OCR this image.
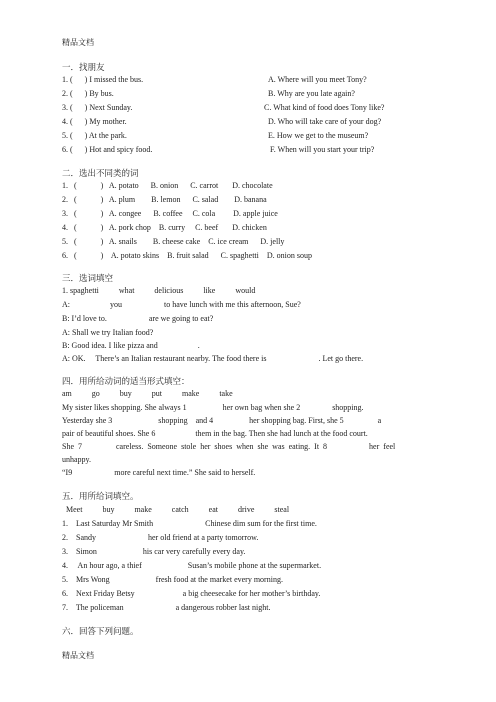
精品文档
一．找朋友
1. (      ) I missed the bus.
2. (      ) By bus.
3. (      ) Next Sunday.
4. (      ) My mother.
5. (      ) At the park.
6. (      ) Hot and spicy food.
A. Where will you meet Tony?
B. Why are you late again?
C. What kind of food does Tony like?
D. Who will take care of your dog?
E. How we get to the museum?
F. When will you start your trip?
二．选出不同类的词
1.   (            )   A. potato      B. onion      C. carrot       D. chocolate
2.   (            )   A. plum        B. lemon      C. salad        D. banana
3.   (            )   A. congee      B. coffee     C. cola         D. apple juice
4.   (            )   A. pork chop    B. curry     C. beef       D. chicken
5.   (            )   A. snails        B. cheese cake    C. ice cream      D. jelly
6.   (            )    A. potato skins    B. fruit salad      C. spaghetti    D. onion soup
三．选词填空
1. spaghetti          what          delicious          like          would
A:                    you                     to have lunch with me this afternoon, Sue?
B: I’d love to.                     are we going to eat?
A: Shall we try Italian food?
B: Good idea. I like pizza and                    .
A: OK.     There’s an Italian restaurant nearby. The food there is                          . Let go there.
四．用所给动词的适当形式填空：
am          go          buy          put          make          take
My sister likes shopping. She always 1                  her own bag when she 2                shopping.
Yesterday she 3                       shopping    and 4                  her shopping bag. First, she 5                 a
pair of beautiful shoes. She 6                    them in the bag. Then she had lunch at the food court.
She  7                 careless.  Someone  stole  her  shoes  when  she  was  eating.  It  8                     her  feel
unhappy.
“I9                     more careful next time.” She said to herself.
五．用所给词填空。
Meet          buy          make          catch          eat          drive          steal
1.    Last Saturday Mr Smith                          Chinese dim sum for the first time.
2.    Sandy                          her old friend at a party tomorrow.
3.    Simon                       his car very carefully every day.
4.     An hour ago, a thief                       Susan’s mobile phone at the supermarket.
5.    Mrs Wong                       fresh food at the market every morning.
6.    Next Friday Betsy                        a big cheesecake for her mother’s birthday.
7.    The policeman                          a dangerous robber last night.
六．回答下列问题。
精品文档
